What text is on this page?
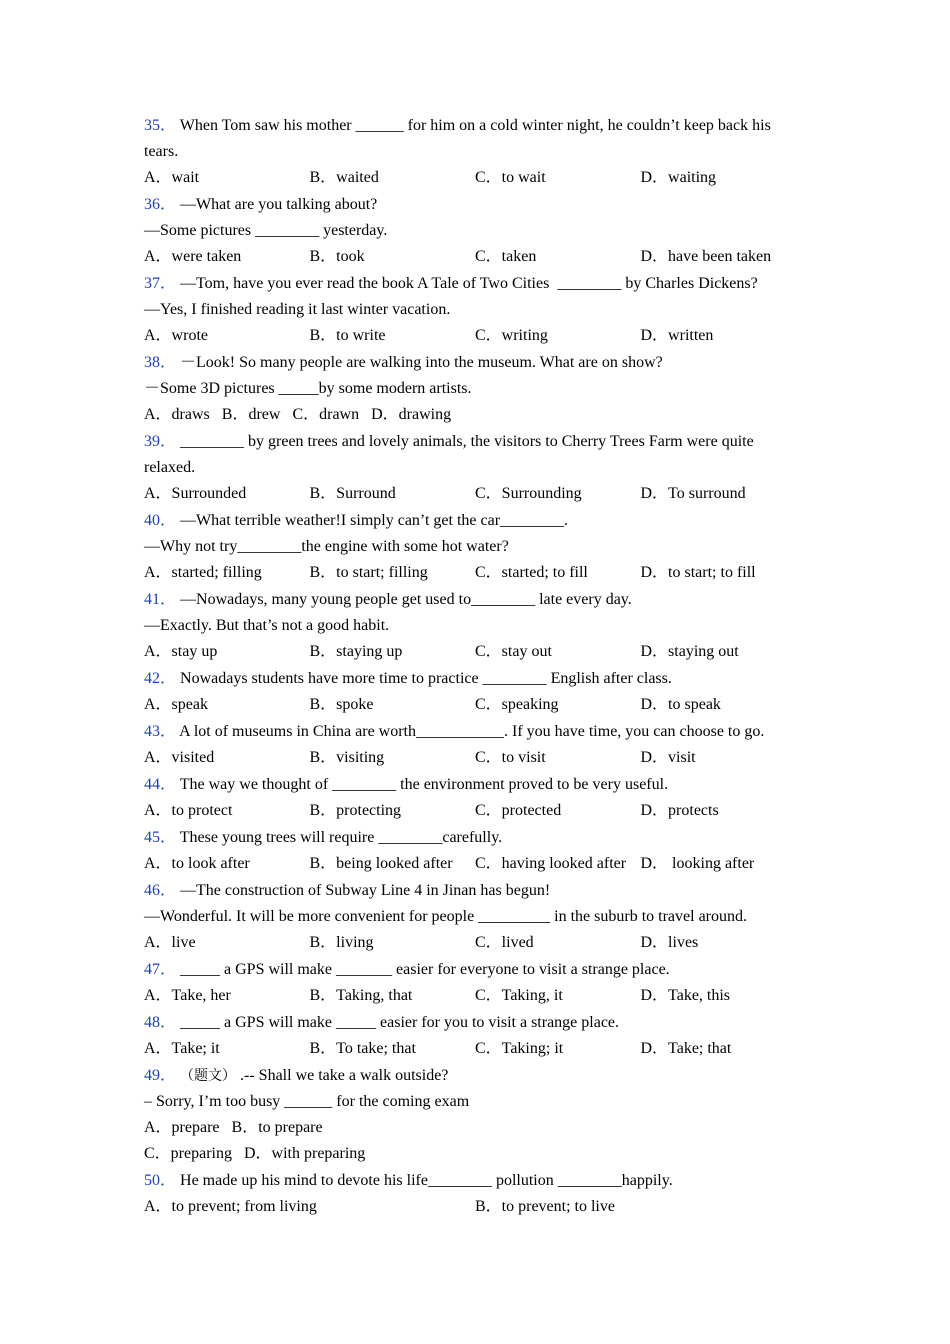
35． When Tom saw his mother ______ for him on a cold winter night, he couldn’t keep back his

tears.

A．wait	B．waited	C．to wait	D．waiting

36． —What are you talking about?

—Some pictures ________ yesterday.

A．were taken	B．took	C．taken	D．have been taken

37． —Tom, have you ever read the book A Tale of Two Cities  ________ by Charles Dickens?

—Yes, I finished reading it last winter vacation.

A．wrote	B．to write	C．writing	D．written

38． －Look! So many people are walking into the museum. What are on show?

－Some 3D pictures _____by some modern artists.

A．draws B．drew C．drawn D．drawing

39． ________ by green trees and lovely animals, the visitors to Cherry Trees Farm were quite

relaxed.

A．Surrounded	B．Surround	C．Surrounding	D．To surround

40． —What terrible weather!I simply can’t get the car________.

—Why not try________the engine with some hot water?

A．started; filling	B．to start; filling	C．started; to fill	D．to start; to fill

41． —Nowadays, many young people get used to________ late every day.

—Exactly. But that’s not a good habit.

A．stay up	B．staying up	C．stay out	D．staying out

42． Nowadays students have more time to practice ________ English after class.

A．speak	B．spoke	C．speaking	D．to speak

43． A lot of museums in China are worth___________. If you have time, you can choose to go.

A．visited	B．visiting	C．to visit	D．visit

44． The way we thought of ________ the environment proved to be very useful.

A．to protect	B．protecting	C．protected	D．protects

45． These young trees will require ________carefully.

A．to look after	B．being looked after	C．having looked after D． looking after

46． —The construction of Subway Line 4 in Jinan has begun!

—Wonderful. It will be more convenient for people _________ in the suburb to travel around.

A．live	B．living	C．lived	D．lives

47． _____ a GPS will make _______ easier for everyone to visit a strange place.

A．Take, her	B．Taking, that	C．Taking, it	D．Take, this

48． _____ a GPS will make _____ easier for you to visit a strange place.

A．Take; it	B．To take; that	C．Taking; it	D．Take; that

49． （题文） .-- Shall we take a walk outside?

– Sorry, I’m too busy ______ for the coming exam

A．prepare B．to prepare
C．preparing D．with preparing

50． He made up his mind to devote his life________ pollution ________happily.

A．to prevent; from living	B．to prevent; to live
